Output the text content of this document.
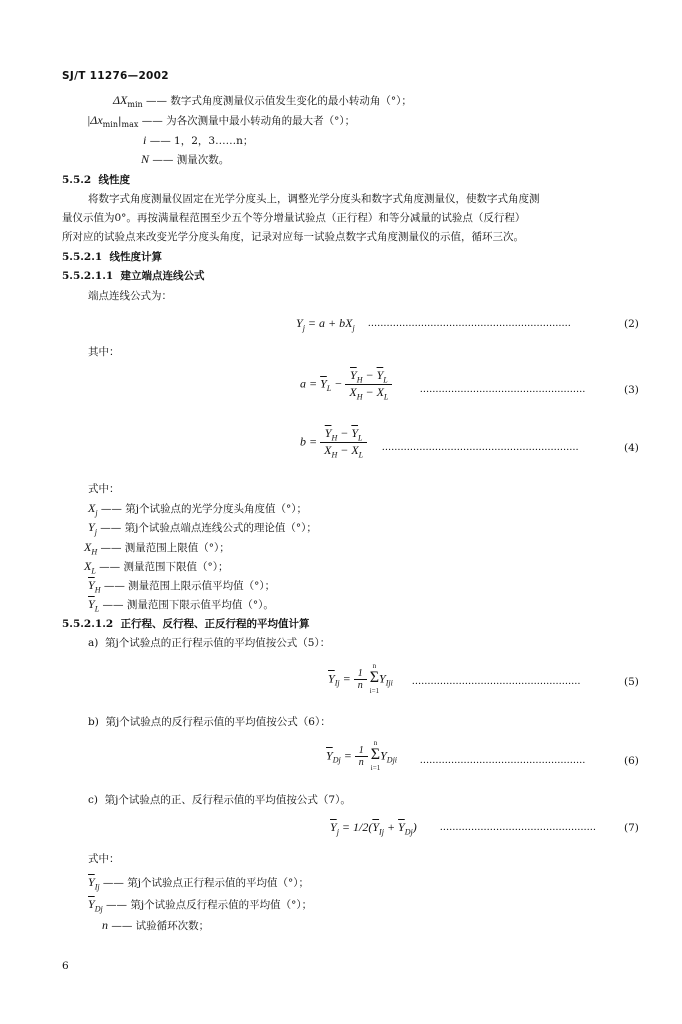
SJ/T 11276—2002
$\Delta X_{min}$ —— 数字式角度测量仪示值发生变化的最小转动角（°）；
$|\Delta x_{min}|_{max}$ —— 为各次测量中最小转动角的最大者（°）；
i —— 1，2，3……n；
N —— 测量次数。
5.5.2 线性度
将数字式角度测量仪固定在光学分度头上，调整光学分度头和数字式角度测量仪，使数字式角度测
量仪示值为0°。再按满量程范围至少五个等分增量试验点（正行程）和等分减量的试验点（反行程）
所对应的试验点来改变光学分度头角度，记录对应每一试验点数字式角度测量仪的示值，循环三次。
5.5.2.1 线性度计算
5.5.2.1.1 建立端点连线公式
端点连线公式为：
$Y_j = a + bX_j$ .................................................................	(2)
其中：
$a = \overline{Y}_L - \frac{\overline{Y}_H - \overline{Y}_L}{X_H - X_L}$	.....................................................	(3)
$b = \frac{\overline{Y}_H - \overline{Y}_L}{X_H - X_L}$ ...............................................................	(4)
式中：
$X_j$ —— 第j个试验点的光学分度头角度值（°）；
$Y_j$ —— 第j个试验点端点连线公式的理论值（°）；
$X_H$ —— 测量范围上限值（°）；
$X_L$ —— 测量范围下限值（°）；
$\overline{Y}_H$ —— 测量范围上限示值平均值（°）；
$\overline{Y}_L$ —— 测量范围下限示值平均值（°）。
5.5.2.1.2 正行程、反行程、正反行程的平均值计算
a) 第j个试验点的正行程示值的平均值按公式（5）：
$\overline{Y}_{Ij} = \frac{1}{n}$ Σ
n
i=1
$Y_{Iji}$ ......................................................	(5)
b) 第j个试验点的反行程示值的平均值按公式（6）：
$\overline{Y}_{Dj} = \frac{1}{n}$ Σ
n
i=1
$Y_{Dji}$ .....................................................	(6)
c) 第j个试验点的正、反行程示值的平均值按公式（7）。
$\overline{Y}_j = 1/2(\overline{Y}_{Ij} + \overline{Y}_{Dj})$ ..................................................	(7)
式中：
$\overline{Y}_{Ij}$ —— 第j个试验点正行程示值的平均值（°）；
$\overline{Y}_{Dj}$ —— 第j个试验点反行程示值的平均值（°）；
n —— 试验循环次数；
6
